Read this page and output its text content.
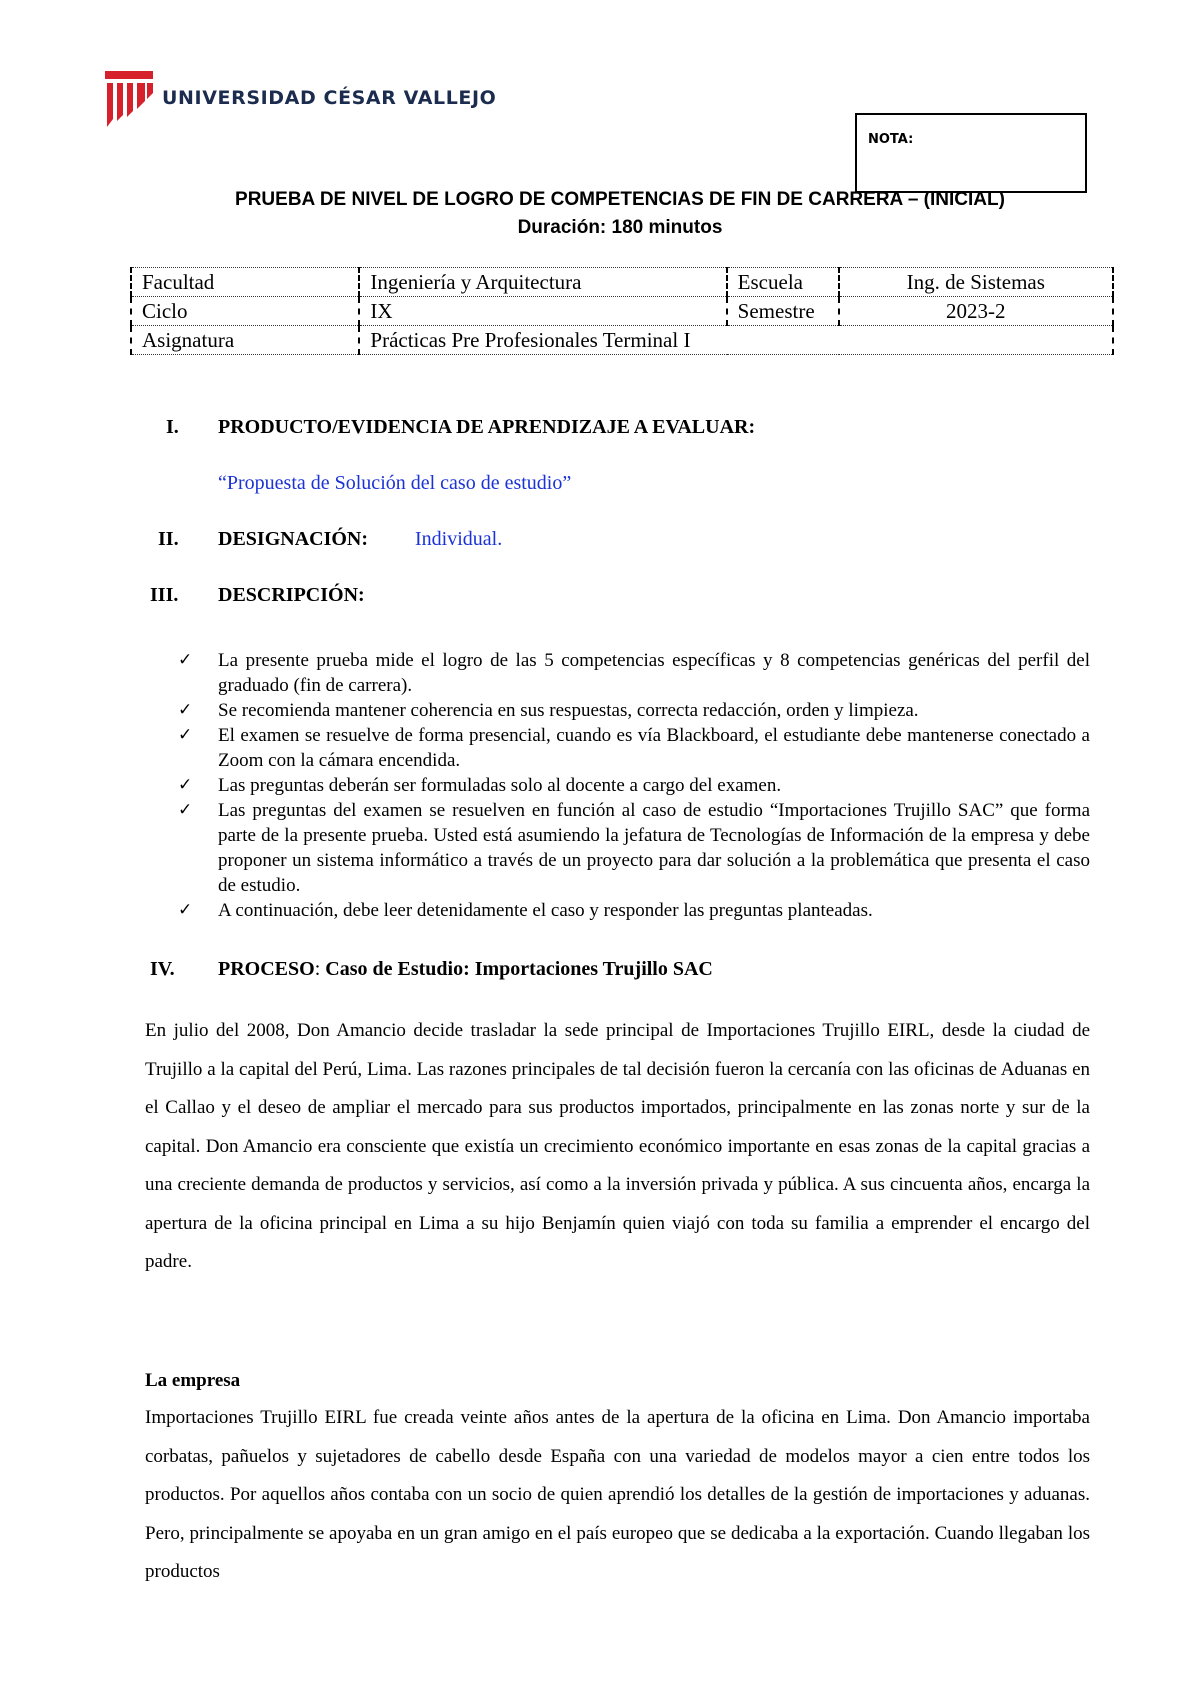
UNIVERSIDAD CÉSAR VALLEJO
NOTA:
PRUEBA DE NIVEL DE LOGRO DE COMPETENCIAS DE FIN DE CARRERA – (INICIAL)
Duración: 180 minutos
Facultad	Ingeniería y Arquitectura	Escuela	Ing. de Sistemas
Ciclo	IX	Semestre	2023-2
Asignatura	Prácticas Pre Profesionales Terminal I		
I. PRODUCTO/EVIDENCIA DE APRENDIZAJE A EVALUAR:
“Propuesta de Solución del caso de estudio”
II. DESIGNACIÓN: Individual.
III. DESCRIPCIÓN:
✓ La presente prueba mide el logro de las 5 competencias específicas y 8 competencias genéricas del perfil del graduado (fin de carrera).
✓ Se recomienda mantener coherencia en sus respuestas, correcta redacción, orden y limpieza.
✓ El examen se resuelve de forma presencial, cuando es vía Blackboard, el estudiante debe mantenerse conectado a Zoom con la cámara encendida.
✓ Las preguntas deberán ser formuladas solo al docente a cargo del examen.
✓ Las preguntas del examen se resuelven en función al caso de estudio “Importaciones Trujillo SAC” que forma parte de la presente prueba. Usted está asumiendo la jefatura de Tecnologías de Información de la empresa y debe proponer un sistema informático a través de un proyecto para dar solución a la problemática que presenta el caso de estudio.
✓ A continuación, debe leer detenidamente el caso y responder las preguntas planteadas.
IV. PROCESO: Caso de Estudio: Importaciones Trujillo SAC
En julio del 2008, Don Amancio decide trasladar la sede principal de Importaciones Trujillo EIRL, desde la ciudad de Trujillo a la capital del Perú, Lima. Las razones principales de tal decisión fueron la cercanía con las oficinas de Aduanas en el Callao y el deseo de ampliar el mercado para sus productos importados, principalmente en las zonas norte y sur de la capital. Don Amancio era consciente que existía un crecimiento económico importante en esas zonas de la capital gracias a una creciente demanda de productos y servicios, así como a la inversión privada y pública. A sus cincuenta años, encarga la apertura de la oficina principal en Lima a su hijo Benjamín quien viajó con toda su familia a emprender el encargo del padre.
La empresa
Importaciones Trujillo EIRL fue creada veinte años antes de la apertura de la oficina en Lima. Don Amancio importaba corbatas, pañuelos y sujetadores de cabello desde España con una variedad de modelos mayor a cien entre todos los productos. Por aquellos años contaba con un socio de quien aprendió los detalles de la gestión de importaciones y aduanas. Pero, principalmente se apoyaba en un gran amigo en el país europeo que se dedicaba a la exportación. Cuando llegaban los productos
